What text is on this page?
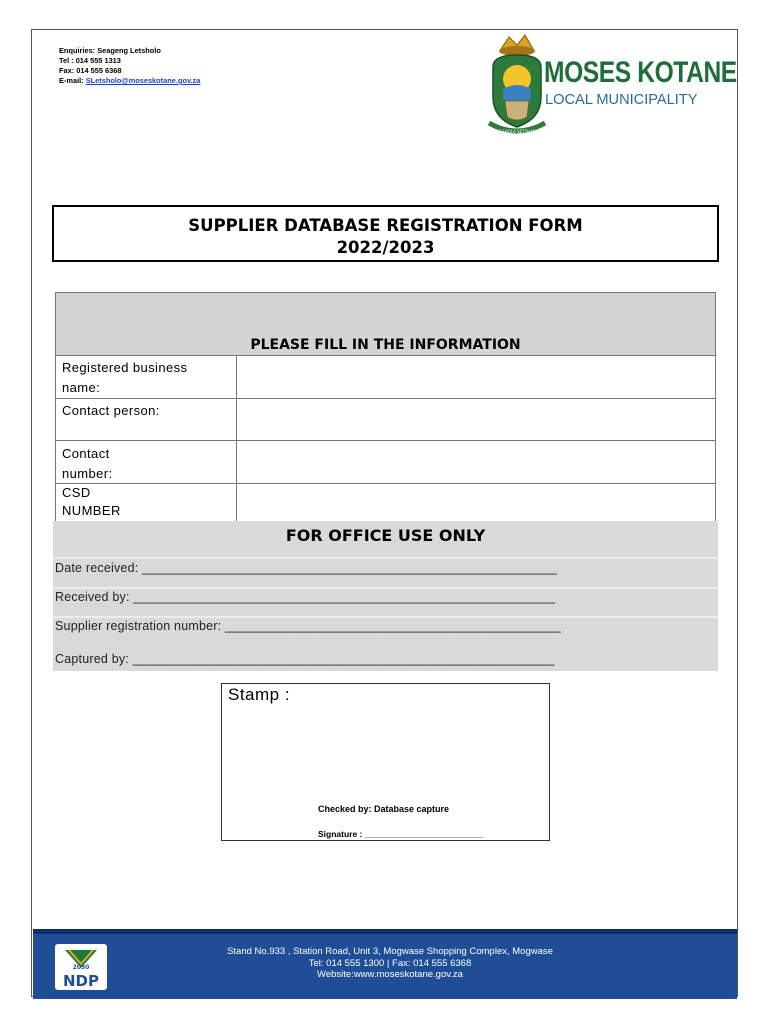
Enquiries: Seageng Letsholo
Tel : 014 555 1313
Fax: 014 555 6368
E-mail: SLetsholo@moseskotane.gov.za
RE SHOLA SETSHABA
MOSES KOTANE
LOCAL MUNICIPALITY
SUPPLIER DATABASE REGISTRATION FORM
2022/2023
PLEASE FILL IN THE INFORMATION
Registered business
name:
Contact person:
Contact
number:
CSD
NUMBER
FOR OFFICE USE ONLY
Date received: __________________________________________________________
Received by: ___________________________________________________________
Supplier registration number: _______________________________________________
Captured by: ___________________________________________________________
Stamp :
Checked by: Database capture
Signature : _________________________
2030
NDP
Stand No.933 , Station Road, Unit 3, Mogwase Shopping Complex, Mogwase
Tel: 014 555 1300 | Fax: 014 555 6368
Website:www.moseskotane.gov.za
